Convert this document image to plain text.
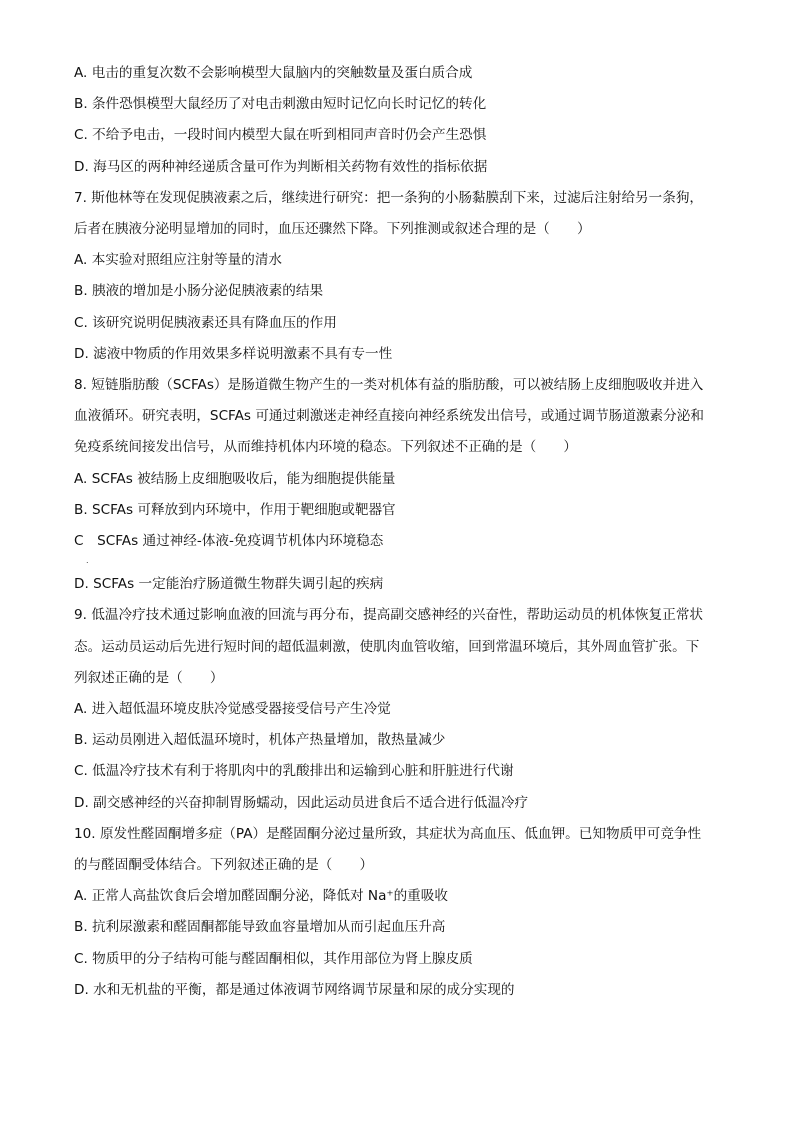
A. 电击的重复次数不会影响模型大鼠脑内的突触数量及蛋白质合成
B. 条件恐惧模型大鼠经历了对电击刺激由短时记忆向长时记忆的转化
C. 不给予电击，一段时间内模型大鼠在听到相同声音时仍会产生恐惧
D. 海马区的两种神经递质含量可作为判断相关药物有效性的指标依据
7. 斯他林等在发现促胰液素之后，继续进行研究：把一条狗的小肠黏膜刮下来，过滤后注射给另一条狗，
后者在胰液分泌明显增加的同时，血压还骤然下降。下列推测或叙述合理的是（　　）
A. 本实验对照组应注射等量的清水
B. 胰液的增加是小肠分泌促胰液素的结果
C. 该研究说明促胰液素还具有降血压的作用
D. 滤液中物质的作用效果多样说明激素不具有专一性
8. 短链脂肪酸（SCFAs）是肠道微生物产生的一类对机体有益的脂肪酸，可以被结肠上皮细胞吸收并进入
血液循环。研究表明，SCFAs 可通过刺激迷走神经直接向神经系统发出信号，或通过调节肠道激素分泌和
免疫系统间接发出信号，从而维持机体内环境的稳态。下列叙述不正确的是（　　）
A. SCFAs 被结肠上皮细胞吸收后，能为细胞提供能量
B. SCFAs 可释放到内环境中，作用于靶细胞或靶器官
C　SCFAs 通过神经-体液-免疫调节机体内环境稳态
.
D. SCFAs 一定能治疗肠道微生物群失调引起的疾病
9. 低温冷疗技术通过影响血液的回流与再分布，提高副交感神经的兴奋性，帮助运动员的机体恢复正常状
态。运动员运动后先进行短时间的超低温刺激，使肌肉血管收缩，回到常温环境后，其外周血管扩张。下
列叙述正确的是（　　）
A. 进入超低温环境皮肤冷觉感受器接受信号产生冷觉
B. 运动员刚进入超低温环境时，机体产热量增加，散热量减少
C. 低温冷疗技术有利于将肌肉中的乳酸排出和运输到心脏和肝脏进行代谢
D. 副交感神经的兴奋抑制胃肠蠕动，因此运动员进食后不适合进行低温冷疗
10. 原发性醛固酮增多症（PA）是醛固酮分泌过量所致，其症状为高血压、低血钾。已知物质甲可竞争性
的与醛固酮受体结合。下列叙述正确的是（　　）
A. 正常人高盐饮食后会增加醛固酮分泌，降低对 Na⁺的重吸收
B. 抗利尿激素和醛固酮都能导致血容量增加从而引起血压升高
C. 物质甲的分子结构可能与醛固酮相似，其作用部位为肾上腺皮质
D. 水和无机盐的平衡，都是通过体液调节网络调节尿量和尿的成分实现的
